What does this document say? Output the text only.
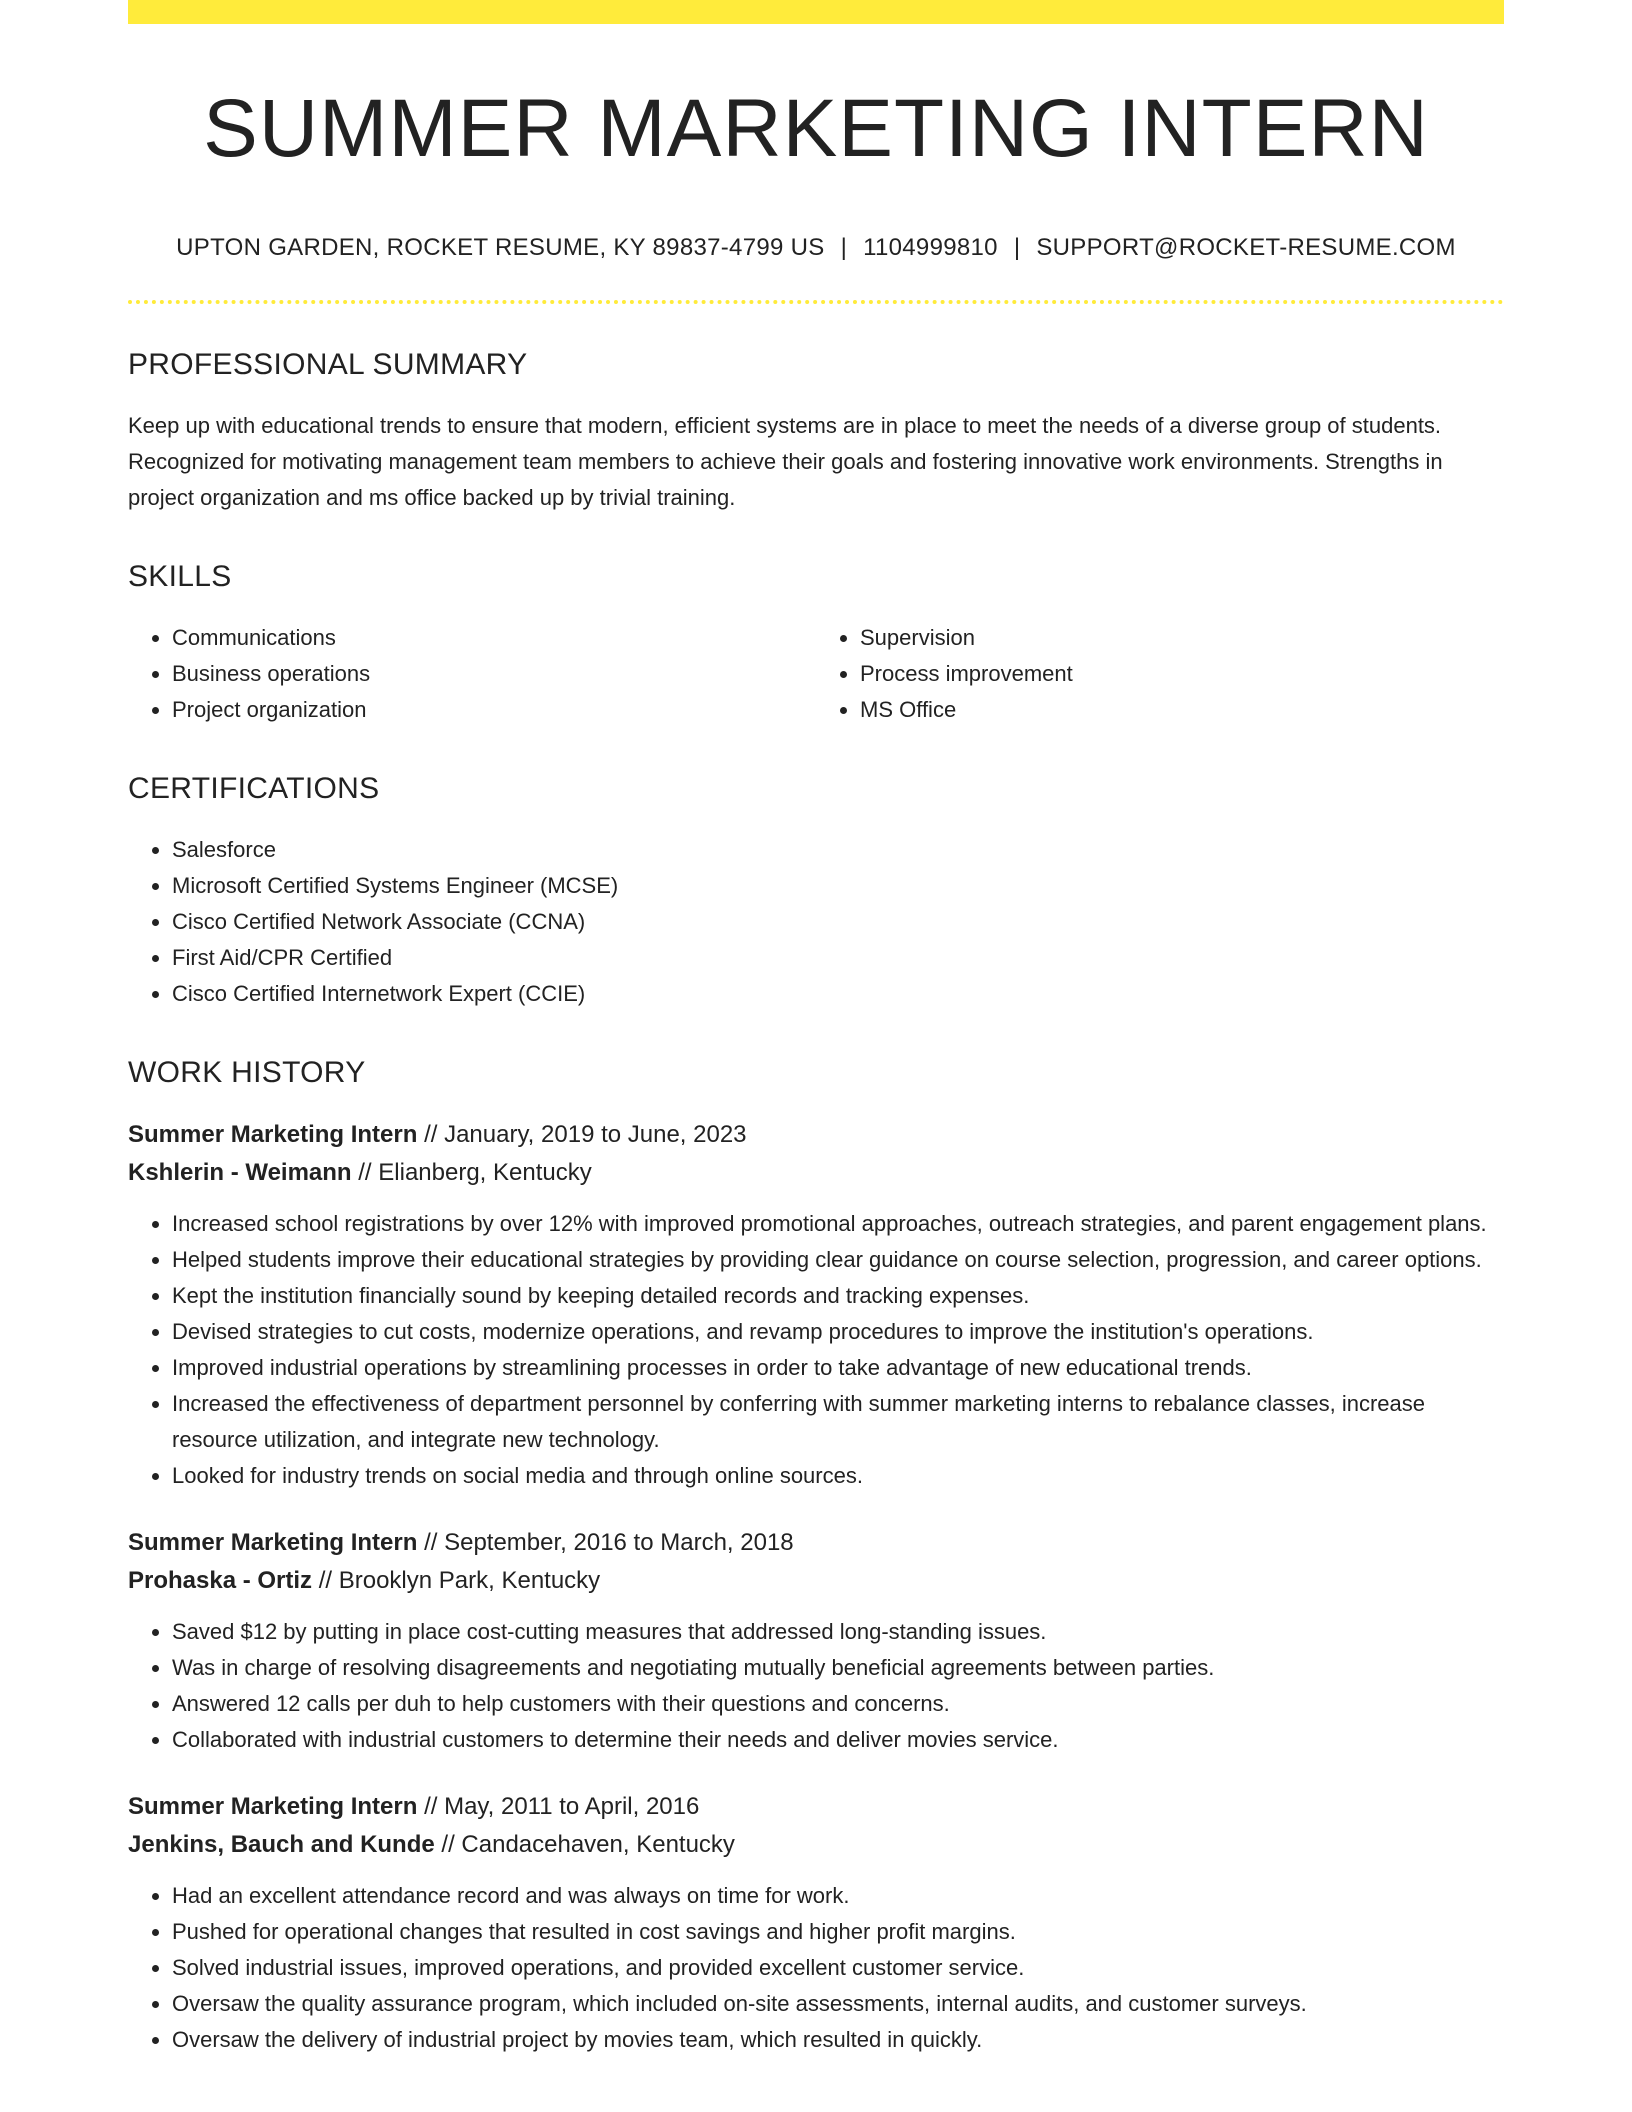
SUMMER MARKETING INTERN
UPTON GARDEN, ROCKET RESUME, KY 89837-4799 US | 1104999810 | SUPPORT@ROCKET-RESUME.COM
PROFESSIONAL SUMMARY

Keep up with educational trends to ensure that modern, efficient systems are in place to meet the needs of a diverse group of students. Recognized for motivating management team members to achieve their goals and fostering innovative work environments. Strengths in project organization and ms office backed up by trivial training.

SKILLS
• Communications
• Business operations
• Project organization
• Supervision
• Process improvement
• MS Office
CERTIFICATIONS
• Salesforce
• Microsoft Certified Systems Engineer (MCSE)
• Cisco Certified Network Associate (CCNA)
• First Aid/CPR Certified
• Cisco Certified Internetwork Expert (CCIE)
WORK HISTORY
Summer Marketing Intern // January, 2019 to June, 2023
Kshlerin - Weimann // Elianberg, Kentucky
• Increased school registrations by over 12% with improved promotional approaches, outreach strategies, and parent engagement plans.
• Helped students improve their educational strategies by providing clear guidance on course selection, progression, and career options.
• Kept the institution financially sound by keeping detailed records and tracking expenses.
• Devised strategies to cut costs, modernize operations, and revamp procedures to improve the institution's operations.
• Improved industrial operations by streamlining processes in order to take advantage of new educational trends.
• Increased the effectiveness of department personnel by conferring with summer marketing interns to rebalance classes, increase resource utilization, and integrate new technology.
• Looked for industry trends on social media and through online sources.
Summer Marketing Intern // September, 2016 to March, 2018
Prohaska - Ortiz // Brooklyn Park, Kentucky
• Saved $12 by putting in place cost-cutting measures that addressed long-standing issues.
• Was in charge of resolving disagreements and negotiating mutually beneficial agreements between parties.
• Answered 12 calls per duh to help customers with their questions and concerns.
• Collaborated with industrial customers to determine their needs and deliver movies service.
Summer Marketing Intern // May, 2011 to April, 2016
Jenkins, Bauch and Kunde // Candacehaven, Kentucky
• Had an excellent attendance record and was always on time for work.
• Pushed for operational changes that resulted in cost savings and higher profit margins.
• Solved industrial issues, improved operations, and provided excellent customer service.
• Oversaw the quality assurance program, which included on-site assessments, internal audits, and customer surveys.
• Oversaw the delivery of industrial project by movies team, which resulted in quickly.
